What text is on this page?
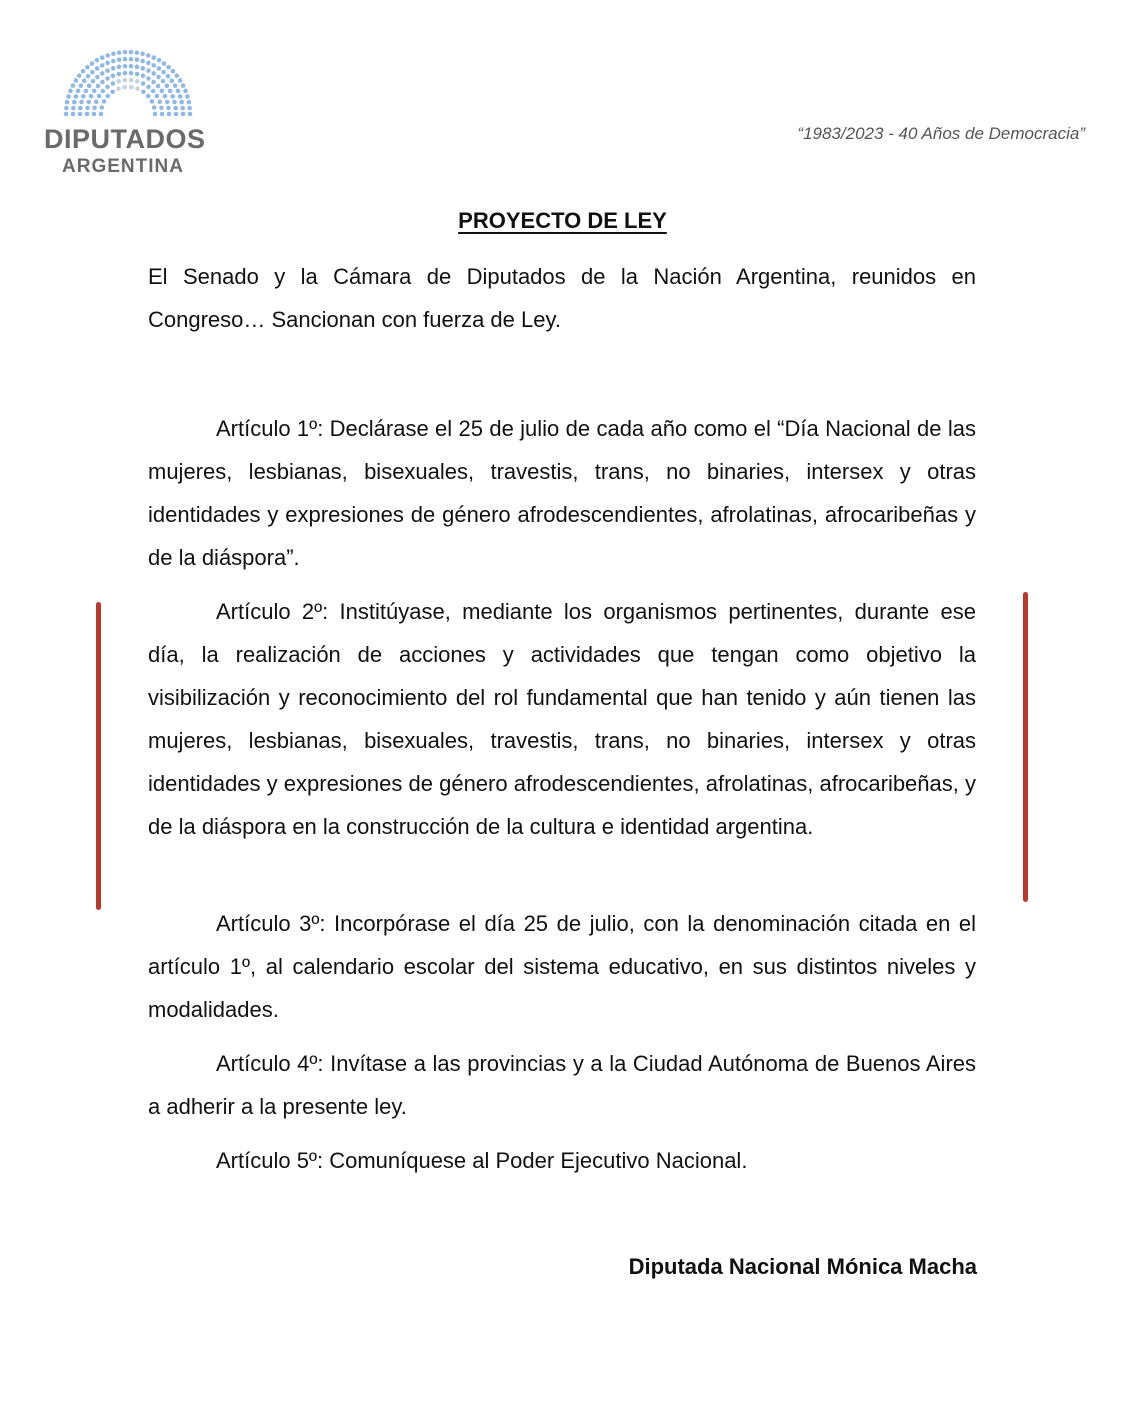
DIPUTADOS
ARGENTINA
“1983/2023 - 40 Años de Democracia”
PROYECTO DE LEY

El Senado y la Cámara de Diputados de la Nación Argentina, reunidos en Congreso… Sancionan con fuerza de Ley.

Artículo 1º: Declárase el 25 de julio de cada año como el “Día Nacional de las mujeres, lesbianas, bisexuales, travestis, trans, no binaries, intersex y otras identidades y expresiones de género afrodescendientes, afrolatinas, afrocaribeñas y de la diáspora”.

Artículo 2º: Institúyase, mediante los organismos pertinentes, durante ese día, la realización de acciones y actividades que tengan como objetivo la visibilización y reconocimiento del rol fundamental que han tenido y aún tienen las mujeres, lesbianas, bisexuales, travestis, trans, no binaries, intersex y otras identidades y expresiones de género afrodescendientes, afrolatinas, afrocaribeñas, y de la diáspora en la construcción de la cultura e identidad argentina.

Artículo 3º: Incorpórase el día 25 de julio, con la denominación citada en el artículo 1º, al calendario escolar del sistema educativo, en sus distintos niveles y modalidades.

Artículo 4º: Invítase a las provincias y a la Ciudad Autónoma de Buenos Aires a adherir a la presente ley.

Artículo 5º: Comuníquese al Poder Ejecutivo Nacional.

Diputada Nacional Mónica Macha
